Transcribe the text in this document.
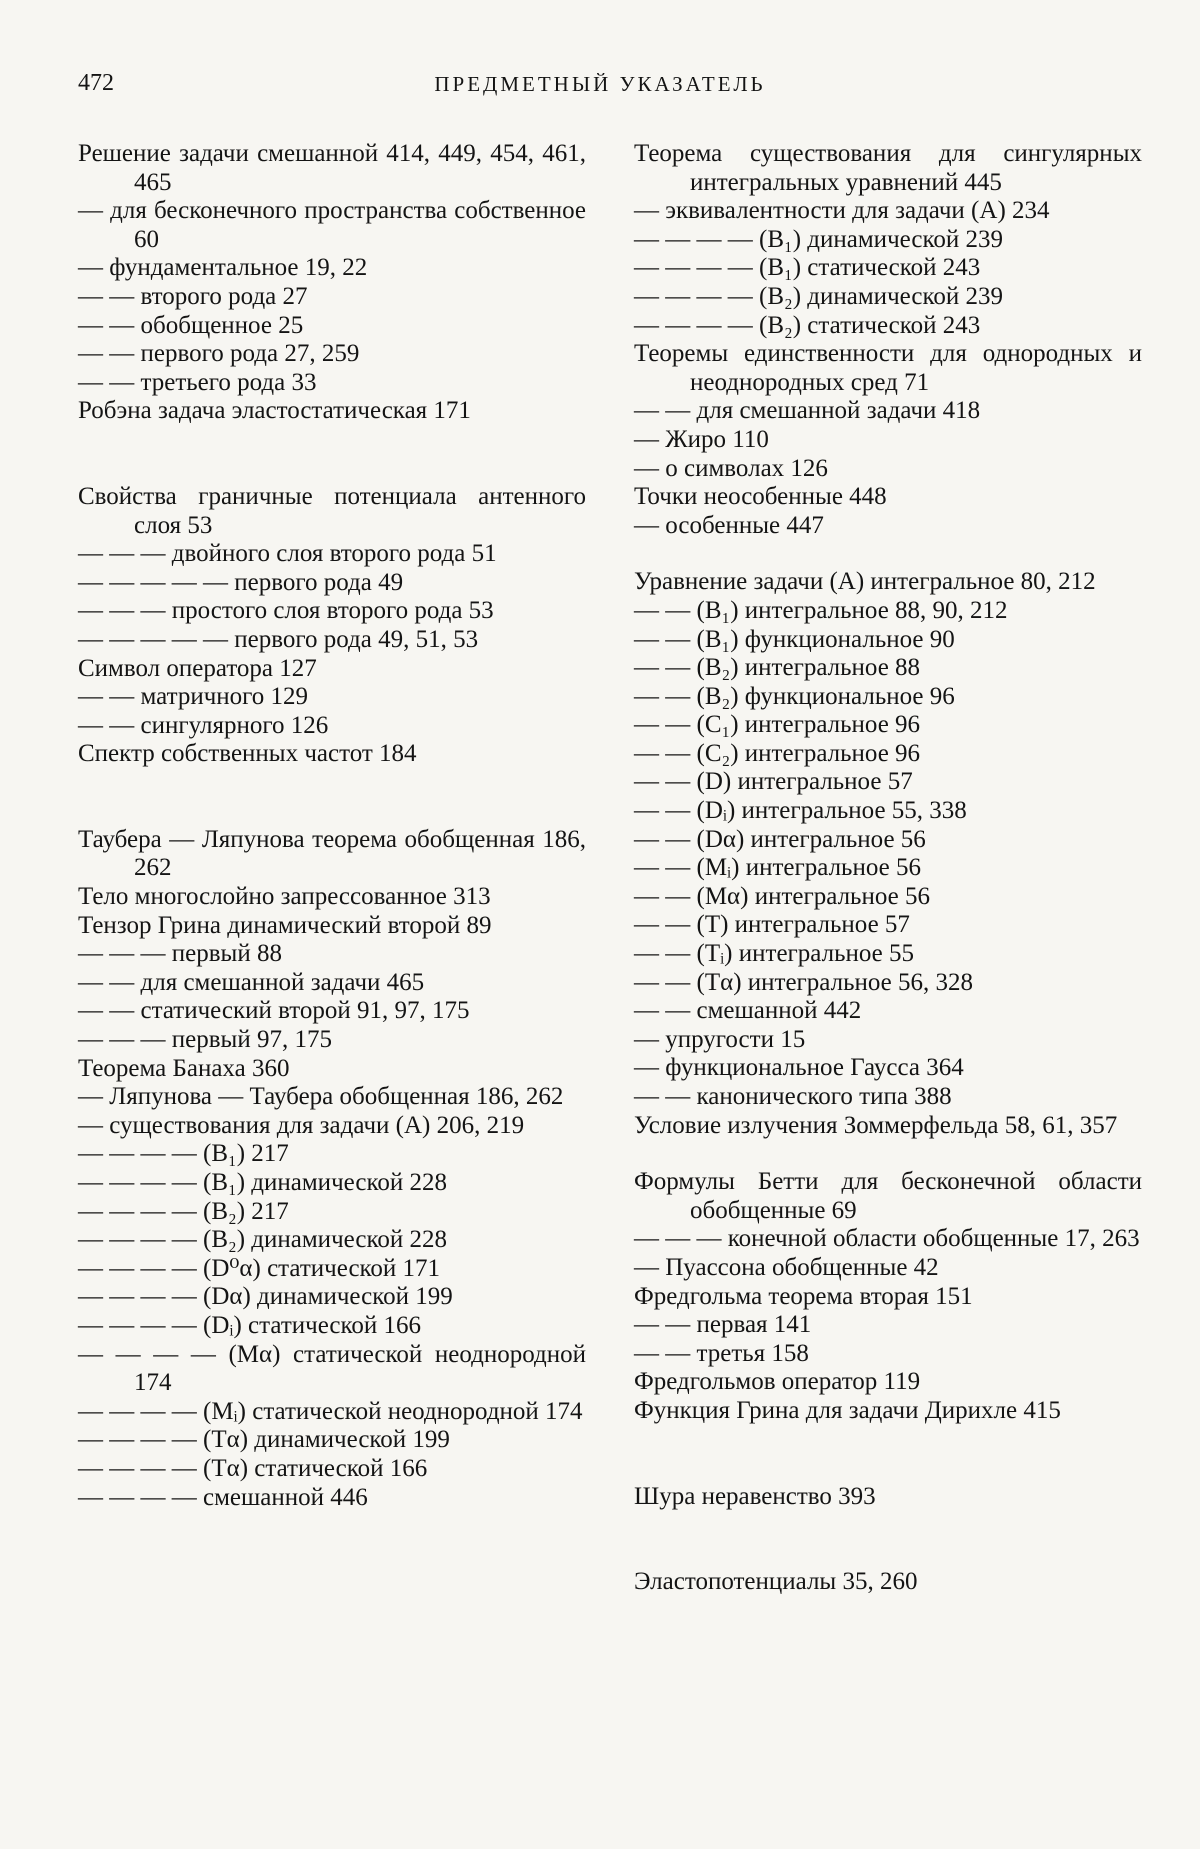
472	ПРЕДМЕТНЫЙ УКАЗАТЕЛЬ
Решение задачи смешанной 414, 449, 454, 461, 465
— для бесконечного пространства собственное 60
— фундаментальное 19, 22
— — второго рода 27
— — обобщенное 25
— — первого рода 27, 259
— — третьего рода 33
Робэна задача эластостатическая 171
Свойства граничные потенциала антенного слоя 53
— — — двойного слоя второго рода 51
— — — — — первого рода 49
— — — простого слоя второго рода 53
— — — — — первого рода 49, 51, 53
Символ оператора 127
— — матричного 129
— — сингулярного 126
Спектр собственных частот 184
Таубера — Ляпунова теорема обобщенная 186, 262
Тело многослойно запрессованное 313
Тензор Грина динамический второй 89
— — — первый 88
— — для смешанной задачи 465
— — статический второй 91, 97, 175
— — — первый 97, 175
Теорема Банаха 360
— Ляпунова — Таубера обобщенная 186, 262
— существования для задачи (A) 206, 219
— — — — (B₁) 217
— — — — (B₁) динамической 228
— — — — (B₂) 217
— — — — (B₂) динамической 228
— — — — (D⁰α) статической 171
— — — — (Dα) динамической 199
— — — — (Dᵢ) статической 166
— — — — (Mα) статической неоднородной 174
— — — — (Mᵢ) статической неоднородной 174
— — — — (Tα) динамической 199
— — — — (Tα) статической 166
— — — — смешанной 446
Теорема существования для сингулярных интегральных уравнений 445
— эквивалентности для задачи (A) 234
— — — — (B₁) динамической 239
— — — — (B₁) статической 243
— — — — (B₂) динамической 239
— — — — (B₂) статической 243
Теоремы единственности для однородных и неоднородных сред 71
— — для смешанной задачи 418
— Жиро 110
— о символах 126
Точки неособенные 448
— особенные 447
Уравнение задачи (A) интегральное 80, 212
— — (B₁) интегральное 88, 90, 212
— — (B₁) функциональное 90
— — (B₂) интегральное 88
— — (B₂) функциональное 96
— — (C₁) интегральное 96
— — (C₂) интегральное 96
— — (D) интегральное 57
— — (Dᵢ) интегральное 55, 338
— — (Dα) интегральное 56
— — (Mᵢ) интегральное 56
— — (Mα) интегральное 56
— — (T) интегральное 57
— — (Tᵢ) интегральное 55
— — (Tα) интегральное 56, 328
— — смешанной 442
— упругости 15
— функциональное Гаусса 364
— — канонического типа 388
Условие излучения Зоммерфельда 58, 61, 357
Формулы Бетти для бесконечной области обобщенные 69
— — — конечной области обобщенные 17, 263
— Пуассона обобщенные 42
Фредгольма теорема вторая 151
— — первая 141
— — третья 158
Фредгольмов оператор 119
Функция Грина для задачи Дирихле 415
Шура неравенство 393
Эластопотенциалы 35, 260
